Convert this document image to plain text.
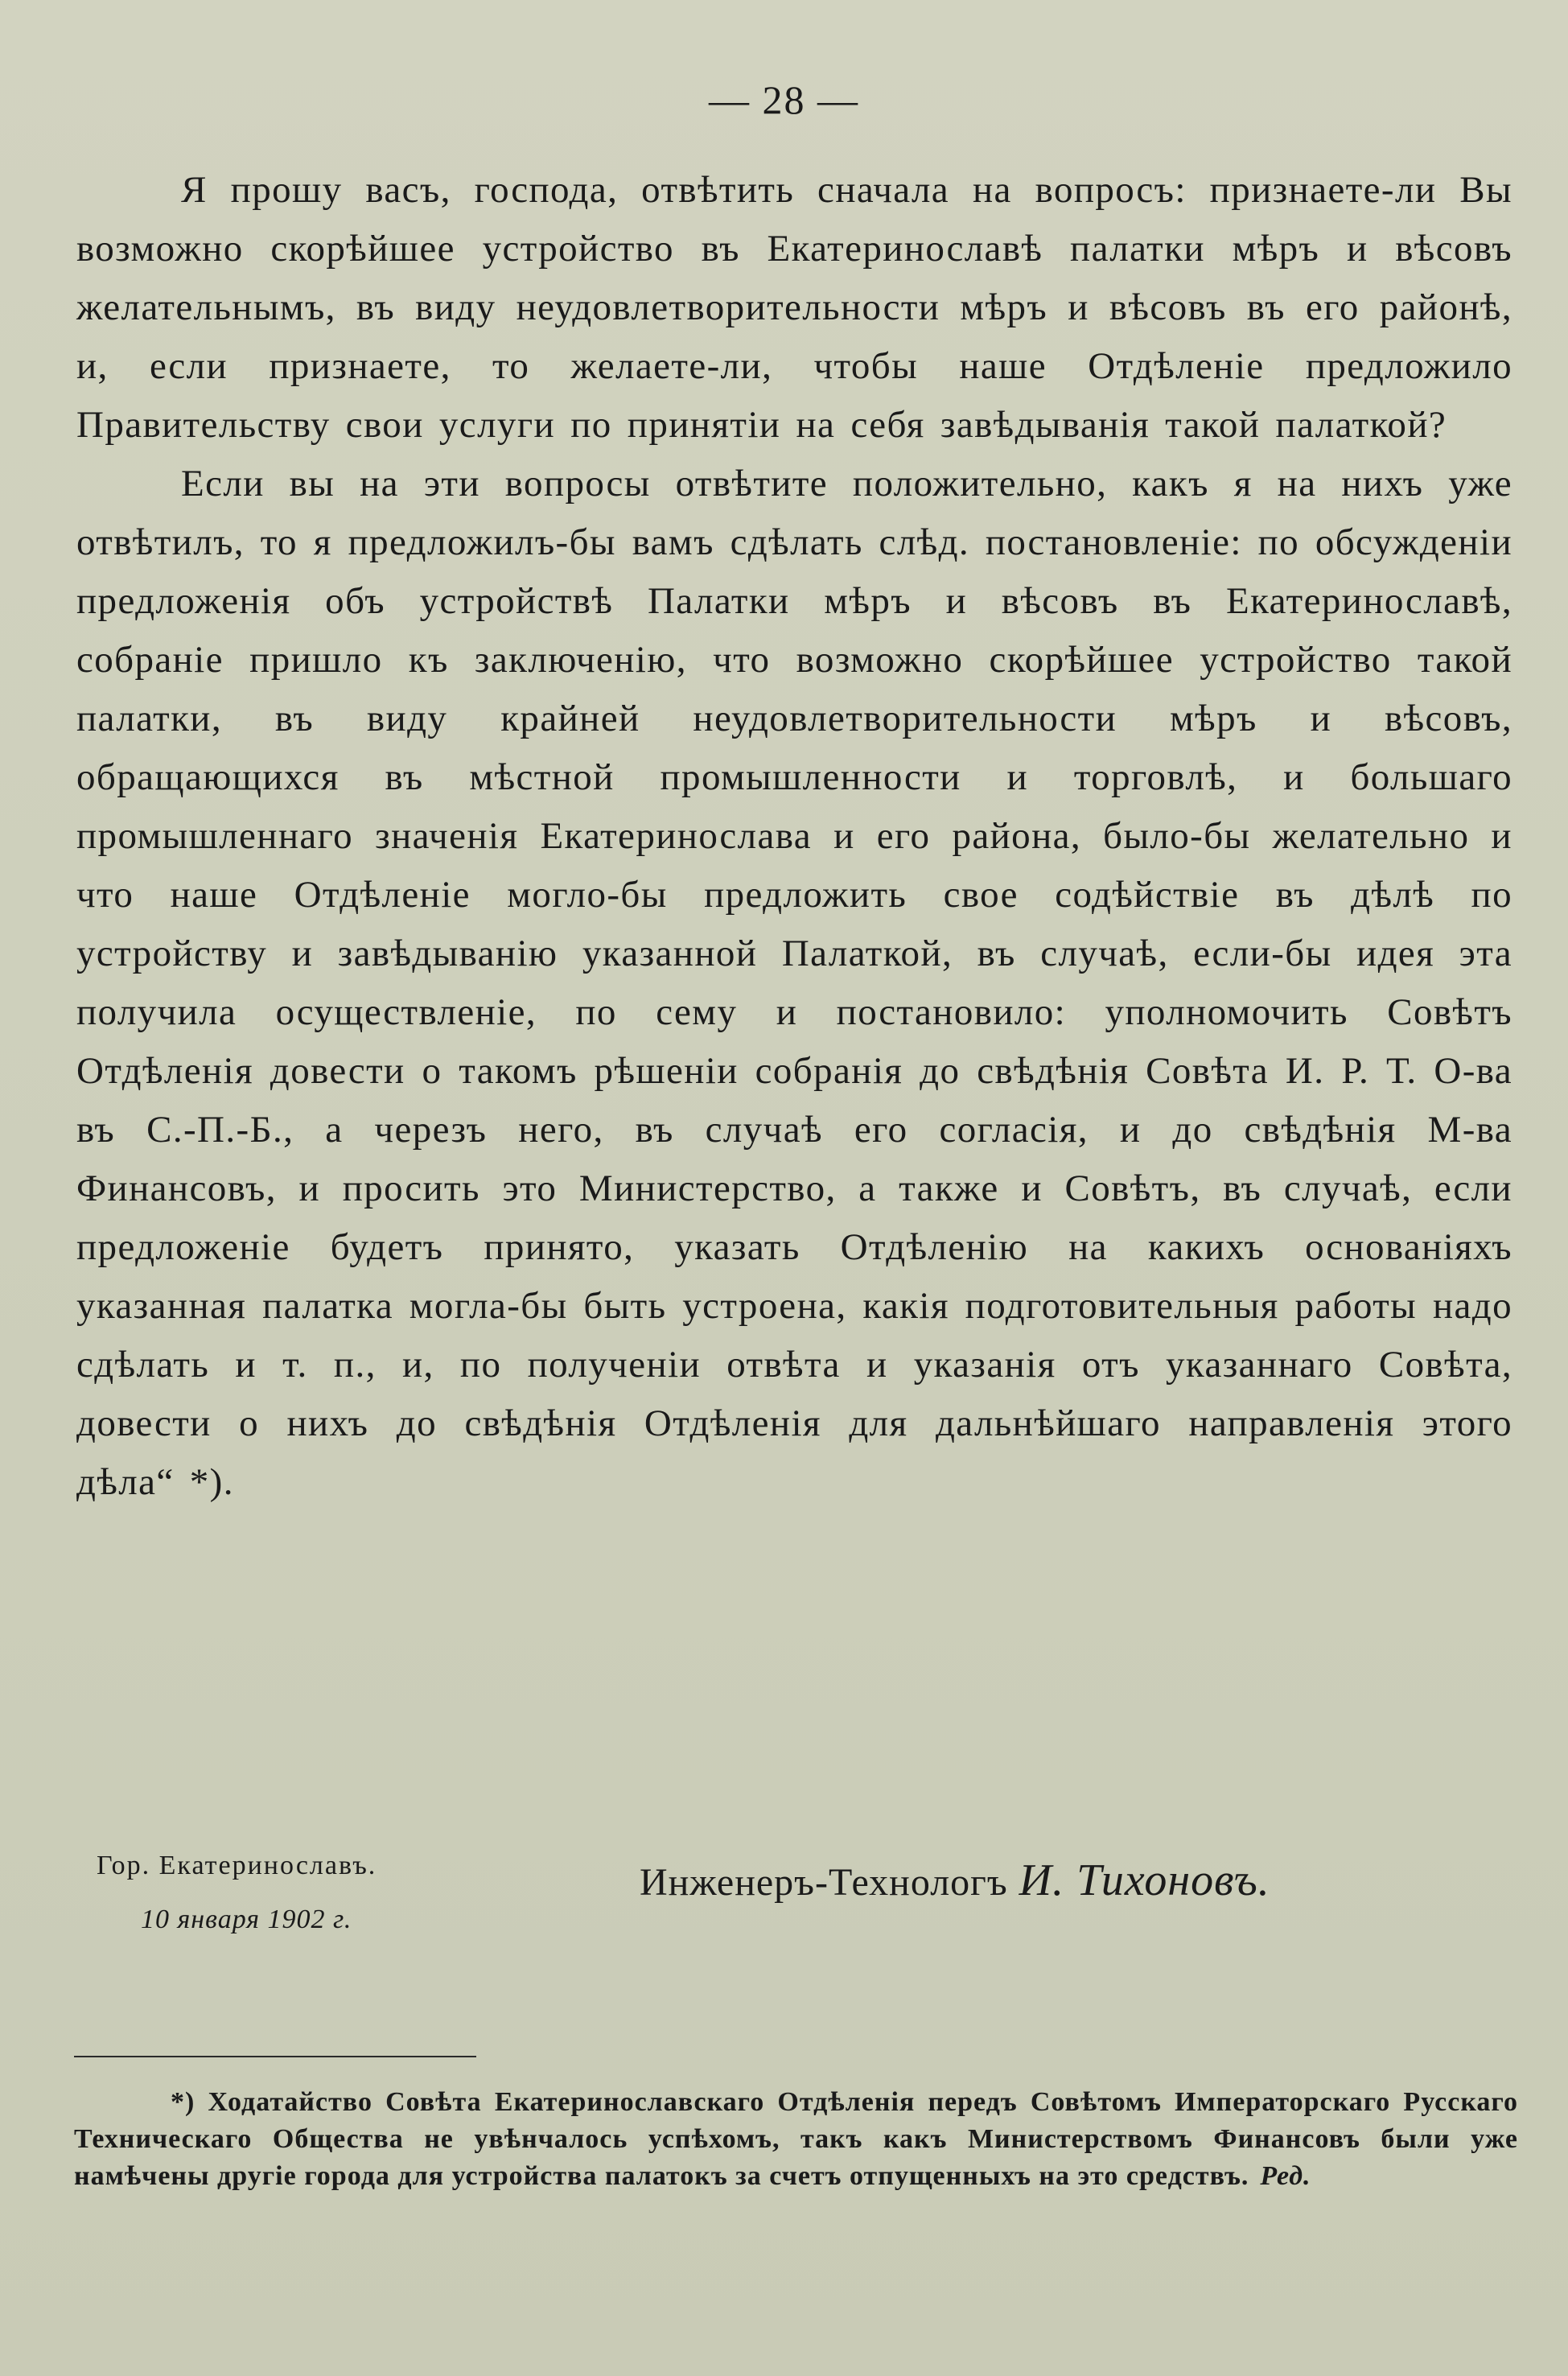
— 28 —

Я прошу васъ, господа, отвѣтить сначала на вопросъ: признаете-ли Вы возможно скорѣйшее устройство въ Екатеринославѣ палатки мѣръ и вѣсовъ желательнымъ, въ виду неудовлетворительности мѣръ и вѣсовъ въ его районѣ, и, если признаете, то желаете-ли, чтобы наше Отдѣленіе предложило Правительству свои услуги по принятіи на себя завѣдыванія такой палаткой?

Если вы на эти вопросы отвѣтите положительно, какъ я на нихъ уже отвѣтилъ, то я предложилъ-бы вамъ сдѣлать слѣд. постановленіе: по обсужденіи предложенія объ устройствѣ Палатки мѣръ и вѣсовъ въ Екатеринославѣ, собраніе пришло къ заключенію, что возможно скорѣйшее устройство такой палатки, въ виду крайней неудовлетворительности мѣръ и вѣсовъ, обращающихся въ мѣстной промышленности и торговлѣ, и большаго промышленнаго значенія Екатеринослава и его района, было-бы желательно и что наше Отдѣленіе могло-бы предложить свое содѣйствіе въ дѣлѣ по устройству и завѣдыванію указанной Палаткой, въ случаѣ, если-бы идея эта получила осуществленіе, по сему и постановило: уполномочить Совѣтъ Отдѣленія довести о такомъ рѣшеніи собранія до свѣдѣнія Совѣта И. Р. Т. О-ва въ С.-П.-Б., а черезъ него, въ случаѣ его согласія, и до свѣдѣнія М-ва Финансовъ, и просить это Министерство, а также и Совѣтъ, въ случаѣ, если предложеніе будетъ принято, указать Отдѣленію на какихъ основаніяхъ указанная палатка могла-бы быть устроена, какія подготовительныя работы надо сдѣлать и т. п., и, по полученіи отвѣта и указанія отъ указаннаго Совѣта, довести о нихъ до свѣдѣнія Отдѣленія для дальнѣйшаго направленія этого дѣла“ *).

Гор. Екатеринославъ.
10 января 1902 г.
Инженеръ-Технологъ И. Тихоновъ.
*) Ходатайство Совѣта Екатеринославскаго Отдѣленія передъ Совѣтомъ Императорскаго Русскаго Техническаго Общества не увѣнчалось успѣхомъ, такъ какъ Министерствомъ Финансовъ были уже намѣчены другіе города для устройства палатокъ за счетъ отпущенныхъ на это средствъ. Ред.
